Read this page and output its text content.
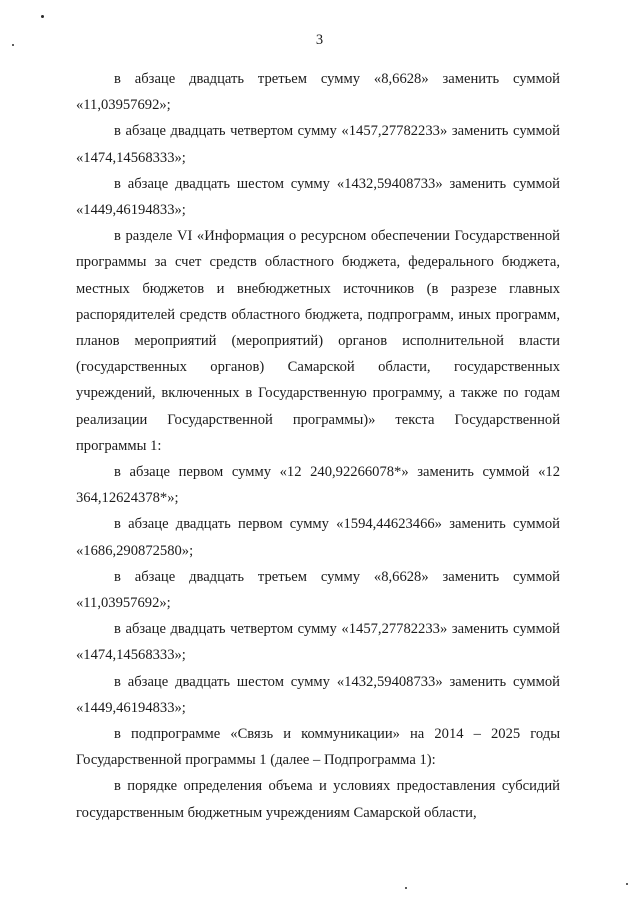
3

в абзаце двадцать третьем сумму «8,6628» заменить суммой «11,03957692»;

в абзаце двадцать четвертом сумму «1457,27782233» заменить суммой «1474,14568333»;

в абзаце двадцать шестом сумму «1432,59408733» заменить суммой «1449,46194833»;

в разделе VI «Информация о ресурсном обеспечении Государственной программы за счет средств областного бюджета, федерального бюджета, местных бюджетов и внебюджетных источников (в разрезе главных распорядителей средств областного бюджета, подпрограмм, иных программ, планов мероприятий (мероприятий) органов исполнительной власти (государственных органов) Самарской области, государственных учреждений, включенных в Государственную программу, а также по годам реализации Государственной программы)» текста Государственной программы 1:

в абзаце первом сумму «12 240,92266078*» заменить суммой «12 364,12624378*»;

в абзаце двадцать первом сумму «1594,44623466» заменить суммой «1686,290872580»;

в абзаце двадцать третьем сумму «8,6628» заменить суммой «11,03957692»;

в абзаце двадцать четвертом сумму «1457,27782233» заменить суммой «1474,14568333»;

в абзаце двадцать шестом сумму «1432,59408733» заменить суммой «1449,46194833»;

в подпрограмме «Связь и коммуникации» на 2014 – 2025 годы Государственной программы 1 (далее – Подпрограмма 1):

в порядке определения объема и условиях предоставления субсидий государственным бюджетным учреждениям Самарской области,
